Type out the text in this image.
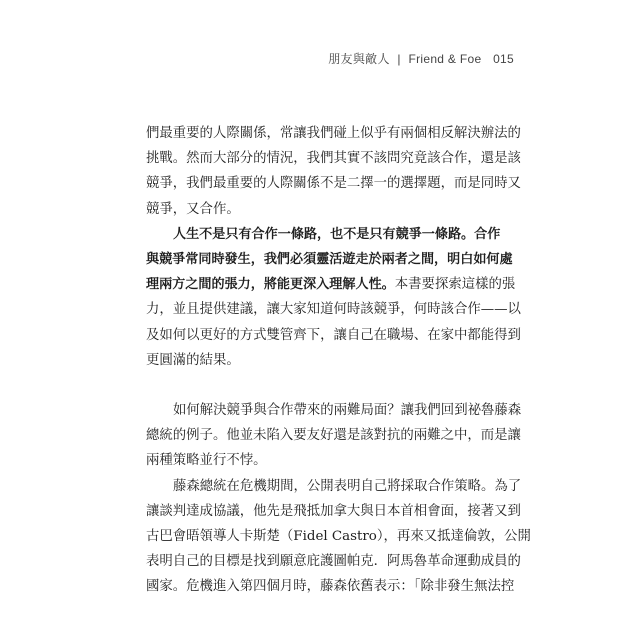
朋友與敵人 | Friend & Foe 015

們最重要的人際關係，常讓我們碰上似乎有兩個相反解決辦法的
挑戰。然而大部分的情況，我們其實不該問究竟該合作，還是該
競爭，我們最重要的人際關係不是二擇一的選擇題，而是同時又
競爭，又合作。

人生不是只有合作一條路，也不是只有競爭一條路。合作
與競爭常同時發生，我們必須靈活遊走於兩者之間，明白如何處
理兩方之間的張力，將能更深入理解人性。本書要探索這樣的張
力，並且提供建議，讓大家知道何時該競爭，何時該合作——以
及如何以更好的方式雙管齊下，讓自己在職場、在家中都能得到
更圓滿的結果。

如何解決競爭與合作帶來的兩難局面？讓我們回到祕魯藤森
總統的例子。他並未陷入要友好還是該對抗的兩難之中，而是讓
兩種策略並行不悖。

藤森總統在危機期間，公開表明自己將採取合作策略。為了
讓談判達成協議，他先是飛抵加拿大與日本首相會面，接著又到
古巴會晤領導人卡斯楚（Fidel Castro），再來又抵達倫敦，公開
表明自己的目標是找到願意庇護圖帕克．阿馬魯革命運動成員的
國家。危機進入第四個月時，藤森依舊表示：「除非發生無法控
